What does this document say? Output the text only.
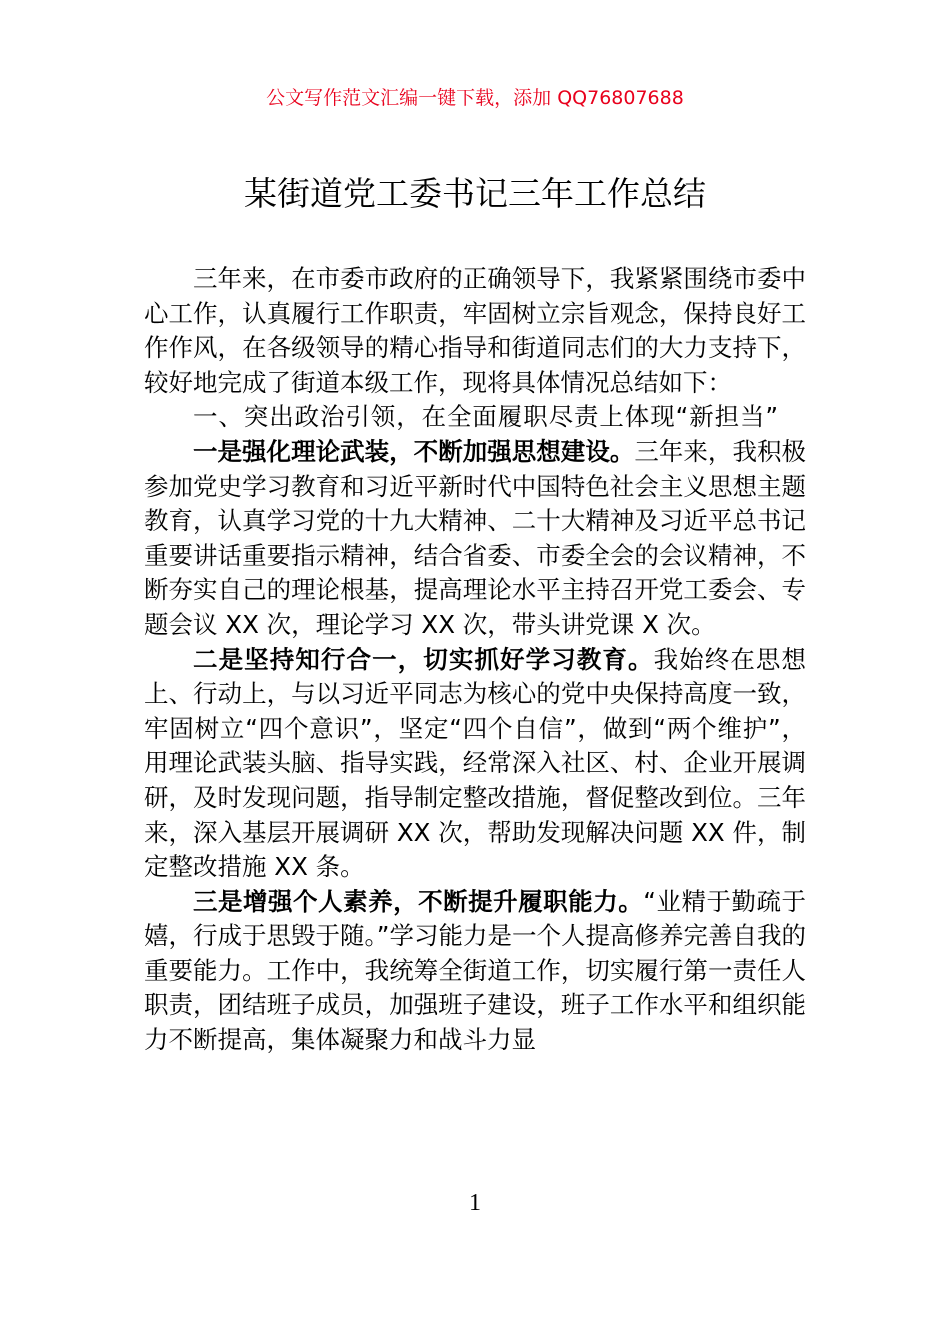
公文写作范文汇编一键下载，添加 QQ76807688
某街道党工委书记三年工作总结

三年来，在市委市政府的正确领导下，我紧紧围绕市委中心工作，认真履行工作职责，牢固树立宗旨观念，保持良好工作作风，在各级领导的精心指导和街道同志们的大力支持下，较好地完成了街道本级工作，现将具体情况总结如下：

一、突出政治引领，在全面履职尽责上体现“新担当”

一是强化理论武装，不断加强思想建设。三年来，我积极参加党史学习教育和习近平新时代中国特色社会主义思想主题教育，认真学习党的十九大精神、二十大精神及习近平总书记重要讲话重要指示精神，结合省委、市委全会的会议精神，不断夯实自己的理论根基，提高理论水平主持召开党工委会、专题会议 XX 次，理论学习 XX 次，带头讲党课 X 次。

二是坚持知行合一，切实抓好学习教育。我始终在思想上、行动上，与以习近平同志为核心的党中央保持高度一致，牢固树立“四个意识”，坚定“四个自信”，做到“两个维护”，用理论武装头脑、指导实践，经常深入社区、村、企业开展调研，及时发现问题，指导制定整改措施，督促整改到位。三年来，深入基层开展调研 XX 次，帮助发现解决问题 XX 件，制定整改措施 XX 条。

三是增强个人素养，不断提升履职能力。“业精于勤疏于嬉，行成于思毁于随。”学习能力是一个人提高修养完善自我的重要能力。工作中，我统筹全街道工作，切实履行第一责任人职责，团结班子成员，加强班子建设，班子工作水平和组织能力不断提高，集体凝聚力和战斗力显

1
